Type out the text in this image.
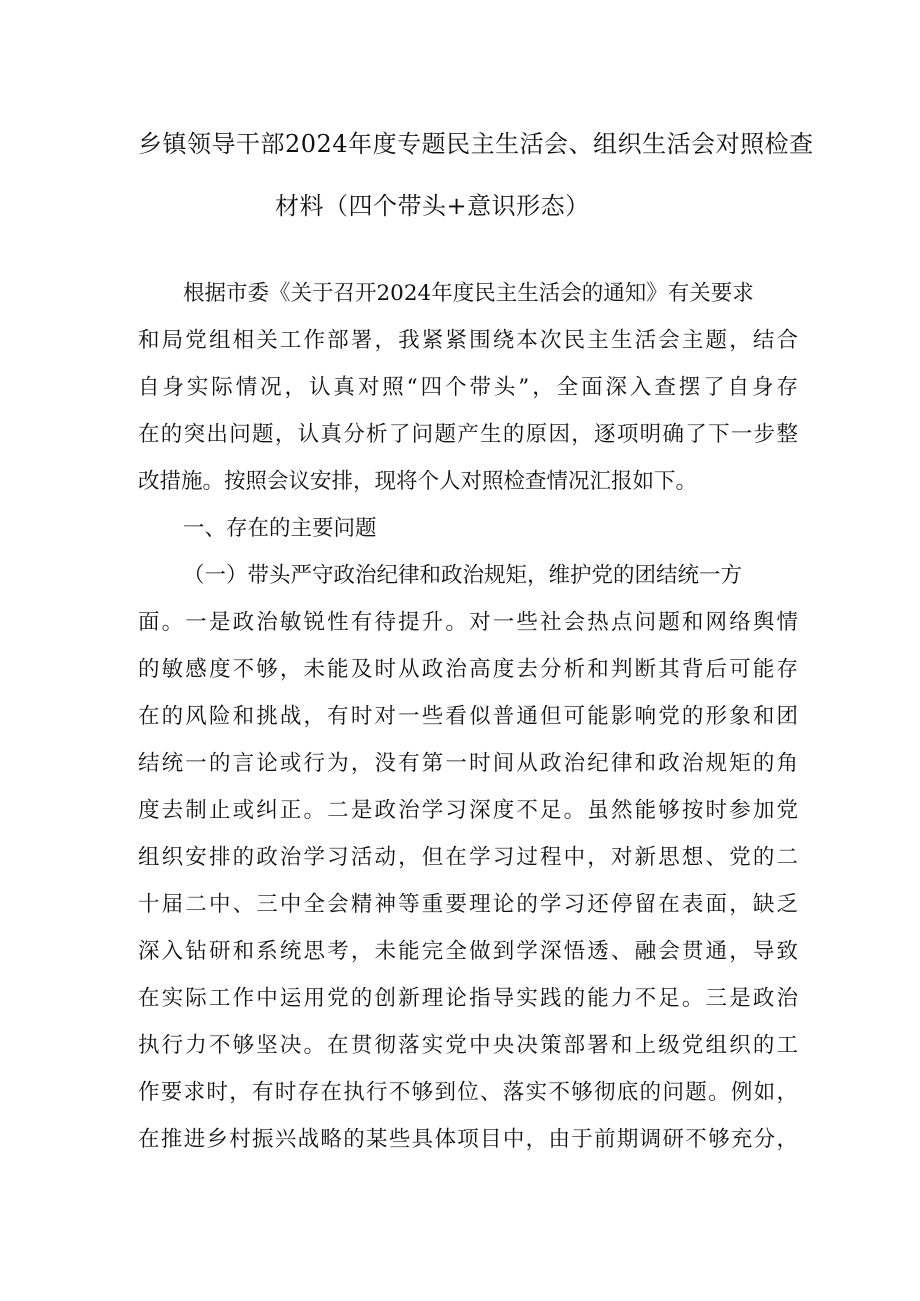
乡镇领导干部2024年度专题民主生活会、组织生活会对照检查
材料（四个带头+意识形态）
根据市委《关于召开2024年度民主生活会的通知》有关要求
和局党组相关工作部署，我紧紧围绕本次民主生活会主题，结合
自身实际情况，认真对照“四个带头”，全面深入查摆了自身存
在的突出问题，认真分析了问题产生的原因，逐项明确了下一步整
改措施。按照会议安排，现将个人对照检查情况汇报如下。
一、存在的主要问题
（一）带头严守政治纪律和政治规矩，维护党的团结统一方
面。一是政治敏锐性有待提升。对一些社会热点问题和网络舆情
的敏感度不够，未能及时从政治高度去分析和判断其背后可能存
在的风险和挑战，有时对一些看似普通但可能影响党的形象和团
结统一的言论或行为，没有第一时间从政治纪律和政治规矩的角
度去制止或纠正。二是政治学习深度不足。虽然能够按时参加党
组织安排的政治学习活动，但在学习过程中，对新思想、党的二
十届二中、三中全会精神等重要理论的学习还停留在表面，缺乏
深入钻研和系统思考，未能完全做到学深悟透、融会贯通，导致
在实际工作中运用党的创新理论指导实践的能力不足。三是政治
执行力不够坚决。在贯彻落实党中央决策部署和上级党组织的工
作要求时，有时存在执行不够到位、落实不够彻底的问题。例如，
在推进乡村振兴战略的某些具体项目中，由于前期调研不够充分，
